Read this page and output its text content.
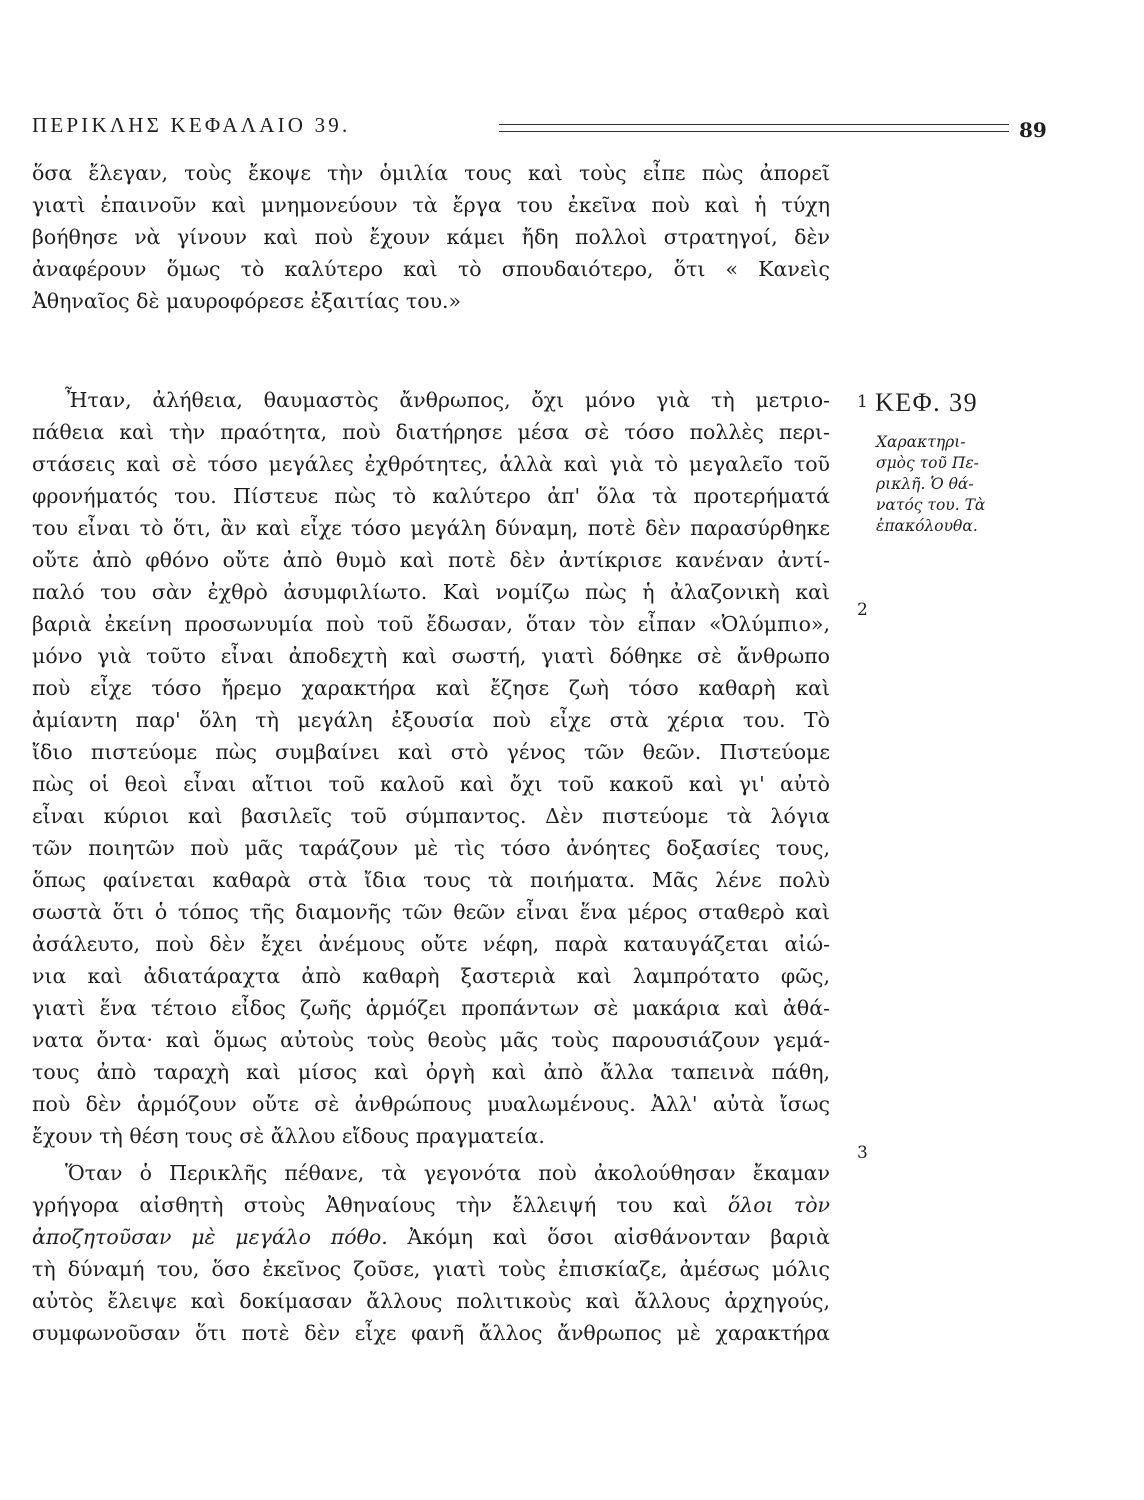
ΠΕΡΙΚΛΗΣ ΚΕΦΑΛΑΙΟ 39.	89
ὅσα ἔλεγαν, τοὺς ἔκοψε τὴν ὁμιλία τους καὶ τοὺς εἶπε πὼς ἀπορεῖ
γιατὶ ἐπαινοῦν καὶ μνημονεύουν τὰ ἔργα του ἐκεῖνα ποὺ καὶ ἡ τύχη
βοήθησε νὰ γίνουν καὶ ποὺ ἔχουν κάμει ἤδη πολλοὶ στρατηγοί, δὲν
ἀναφέρουν ὅμως τὸ καλύτερο καὶ τὸ σπουδαιότερο, ὅτι « Κανεὶς
Ἀθηναῖος δὲ μαυροφόρεσε ἐξαιτίας του.»
Ἦταν, ἀλήθεια, θαυμαστὸς ἄνθρωπος, ὄχι μόνο γιὰ τὴ μετριο-
πάθεια καὶ τὴν πραότητα, ποὺ διατήρησε μέσα σὲ τόσο πολλὲς περι-
στάσεις καὶ σὲ τόσο μεγάλες ἐχθρότητες, ἀλλὰ καὶ γιὰ τὸ μεγαλεῖο τοῦ
φρονήματός του. Πίστευε πὼς τὸ καλύτερο ἀπ' ὅλα τὰ προτερήματά
του εἶναι τὸ ὅτι, ἂν καὶ εἶχε τόσο μεγάλη δύναμη, ποτὲ δὲν παρασύρθηκε
οὔτε ἀπὸ φθόνο οὔτε ἀπὸ θυμὸ καὶ ποτὲ δὲν ἀντίκρισε κανέναν ἀντί-
παλό του σὰν ἐχθρὸ ἀσυμφιλίωτο. Καὶ νομίζω πὼς ἡ ἀλαζονικὴ καὶ
βαριὰ ἐκείνη προσωνυμία ποὺ τοῦ ἔδωσαν, ὅταν τὸν εἶπαν «Ὀλύμπιο»,
μόνο γιὰ τοῦτο εἶναι ἀποδεχτὴ καὶ σωστή, γιατὶ δόθηκε σὲ ἄνθρωπο
ποὺ εἶχε τόσο ἤρεμο χαρακτήρα καὶ ἔζησε ζωὴ τόσο καθαρὴ καὶ
ἀμίαντη παρ' ὅλη τὴ μεγάλη ἐξουσία ποὺ εἶχε στὰ χέρια του. Τὸ
ἴδιο πιστεύομε πὼς συμβαίνει καὶ στὸ γένος τῶν θεῶν. Πιστεύομε
πὼς οἱ θεοὶ εἶναι αἴτιοι τοῦ καλοῦ καὶ ὄχι τοῦ κακοῦ καὶ γι' αὐτὸ
εἶναι κύριοι καὶ βασιλεῖς τοῦ σύμπαντος. Δὲν πιστεύομε τὰ λόγια
τῶν ποιητῶν ποὺ μᾶς ταράζουν μὲ τὶς τόσο ἀνόητες δοξασίες τους,
ὅπως φαίνεται καθαρὰ στὰ ἴδια τους τὰ ποιήματα. Μᾶς λένε πολὺ
σωστὰ ὅτι ὁ τόπος τῆς διαμονῆς τῶν θεῶν εἶναι ἕνα μέρος σταθερὸ καὶ
ἀσάλευτο, ποὺ δὲν ἔχει ἀνέμους οὔτε νέφη, παρὰ καταυγάζεται αἰώ-
νια καὶ ἀδιατάραχτα ἀπὸ καθαρὴ ξαστεριὰ καὶ λαμπρότατο φῶς,
γιατὶ ἕνα τέτοιο εἶδος ζωῆς ἁρμόζει προπάντων σὲ μακάρια καὶ ἀθά-
νατα ὄντα· καὶ ὅμως αὐτοὺς τοὺς θεοὺς μᾶς τοὺς παρουσιάζουν γεμά-
τους ἀπὸ ταραχὴ καὶ μίσος καὶ ὀργὴ καὶ ἀπὸ ἄλλα ταπεινὰ πάθη,
ποὺ δὲν ἁρμόζουν οὔτε σὲ ἀνθρώπους μυαλωμένους. Ἀλλ' αὐτὰ ἴσως
ἔχουν τὴ θέση τους σὲ ἄλλου εἴδους πραγματεία.
Ὅταν ὁ Περικλῆς πέθανε, τὰ γεγονότα ποὺ ἀκολούθησαν ἔκαμαν
γρήγορα αἰσθητὴ στοὺς Ἀθηναίους τὴν ἔλλειψή του καὶ ὅλοι τὸν
ἀποζητοῦσαν μὲ μεγάλο πόθο. Ἀκόμη καὶ ὅσοι αἰσθάνονταν βαριὰ
τὴ δύναμή του, ὅσο ἐκεῖνος ζοῦσε, γιατὶ τοὺς ἐπισκίαζε, ἀμέσως μόλις
αὐτὸς ἔλειψε καὶ δοκίμασαν ἄλλους πολιτικοὺς καὶ ἄλλους ἀρχηγούς,
συμφωνοῦσαν ὅτι ποτὲ δὲν εἶχε φανῆ ἄλλος ἄνθρωπος μὲ χαρακτήρα
1
2
3
ΚΕΦ. 39
Χαρακτηρι-
σμὸς τοῦ Πε-
ρικλῆ. Ὁ θά-
νατός του. Τὰ
ἐπακόλουθα.
